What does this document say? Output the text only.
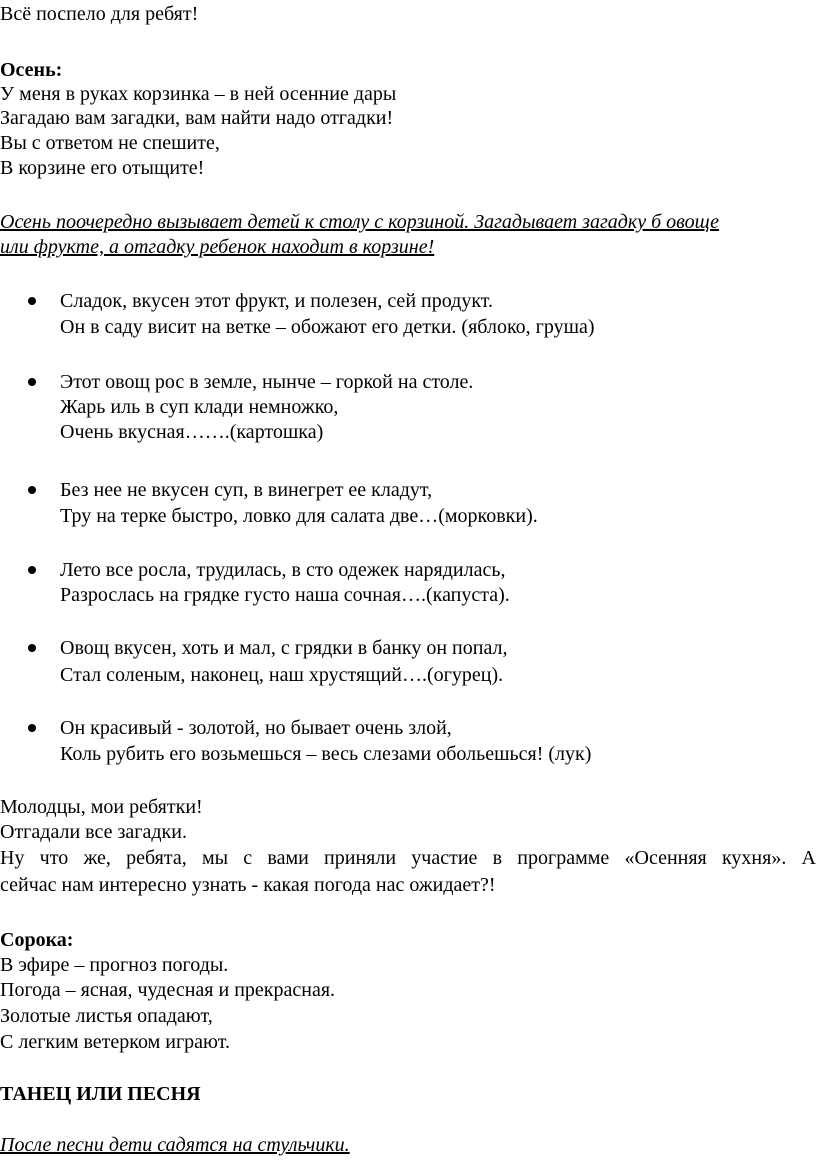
Всё поспело для ребят!
Осень:
У меня в руках корзинка – в ней осенние дары
Загадаю вам загадки, вам найти надо отгадки!
Вы с ответом не спешите,
В корзине его отыщите!
Осень поочередно вызывает детей к столу с корзиной. Загадывает загадку б овоще
или фрукте, а отгадку ребенок находит в корзине!
Сладок, вкусен этот фрукт, и полезен, сей продукт.
Он в саду висит на ветке – обожают его детки. (яблоко, груша)
Этот овощ рос в земле, нынче – горкой на столе.
Жарь иль в суп клади немножко,
Очень вкусная…….(картошка)
Без нее не вкусен суп, в винегрет ее кладут,
Тру на терке быстро, ловко для салата две…(морковки).
Лето все росла, трудилась, в сто одежек нарядилась,
Разрослась на грядке густо наша сочная….(капуста).
Овощ вкусен, хоть и мал, с грядки в банку он попал,
Стал соленым, наконец, наш хрустящий….(огурец).
Он красивый - золотой, но бывает очень злой,
Коль рубить его возьмешься – весь слезами обольешься! (лук)
Молодцы, мои ребятки!
Отгадали все загадки.
Ну что же, ребята, мы с вами приняли участие в программе «Осенняя кухня». А
сейчас нам интересно узнать - какая погода нас ожидает?!
Сорока:
В эфире – прогноз погоды.
Погода – ясная, чудесная и прекрасная.
Золотые листья опадают,
С легким ветерком играют.
ТАНЕЦ ИЛИ ПЕСНЯ
После песни дети садятся на стульчики.
